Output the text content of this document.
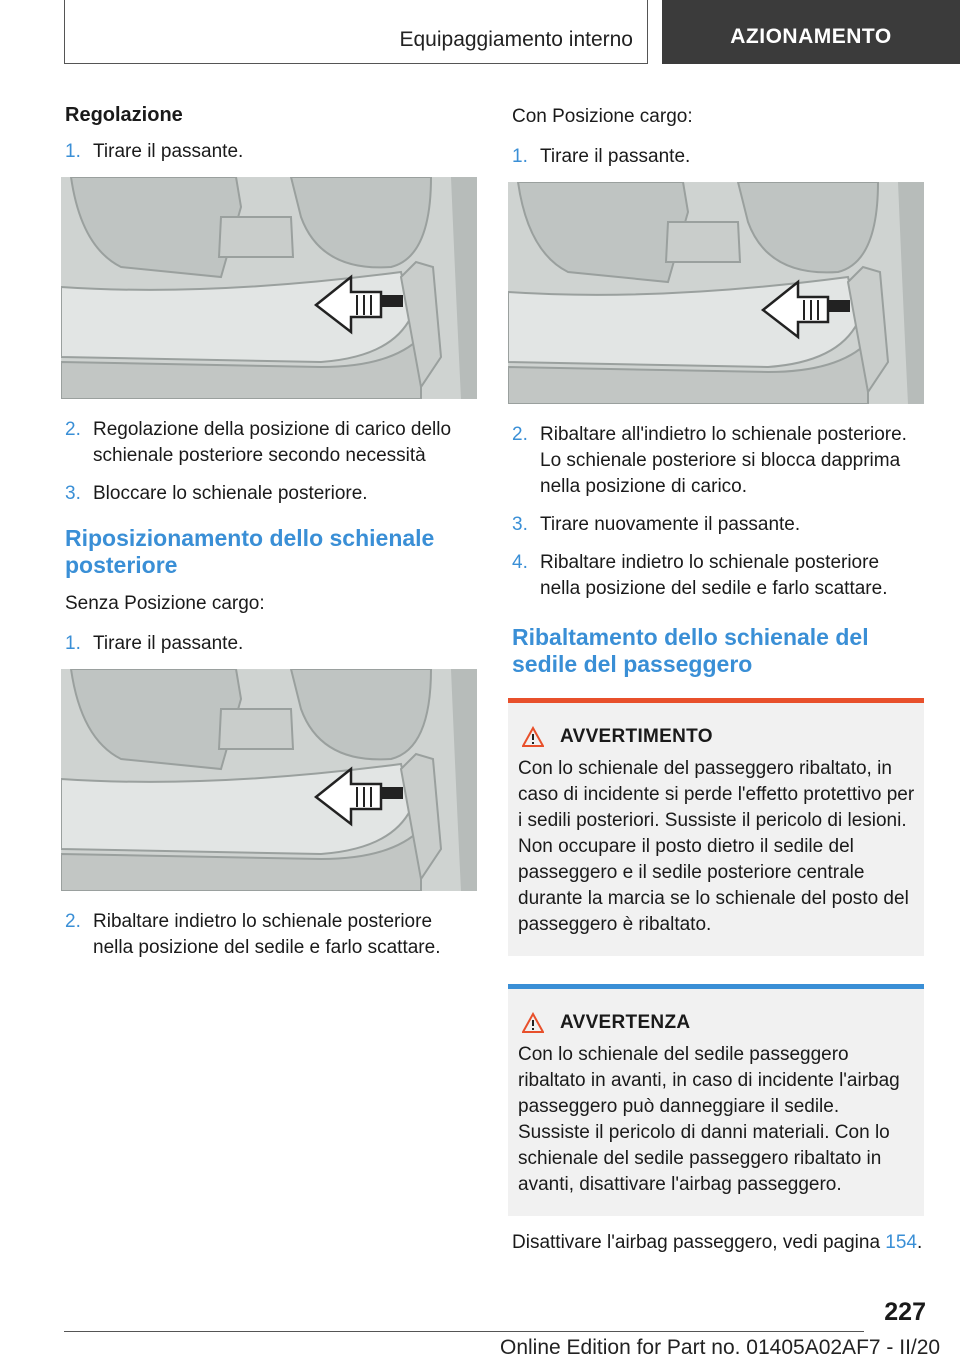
Equipaggiamento interno	AZIONAMENTO
Regolazione
1. Tirare il passante.
2. Regolazione della posizione di carico dello schienale posteriore secondo necessità
3. Bloccare lo schienale posteriore.
Riposizionamento dello schienale posteriore
Senza Posizione cargo:
1. Tirare il passante.
2. Ribaltare indietro lo schienale posteriore nella posizione del sedile e farlo scattare.
Con Posizione cargo:
1. Tirare il passante.
2. Ribaltare all'indietro lo schienale posteriore. Lo schienale posteriore si blocca dapprima nella posizione di carico.
3. Tirare nuovamente il passante.
4. Ribaltare indietro lo schienale posteriore nella posizione del sedile e farlo scattare.
Ribaltamento dello schienale del sedile del passeggero
AVVERTIMENTO
Con lo schienale del passeggero ribaltato, in caso di incidente si perde l'effetto protettivo per i sedili posteriori. Sussiste il pericolo di lesioni. Non occupare il posto dietro il sedile del passeggero e il sedile posteriore centrale durante la marcia se lo schienale del posto del passeggero è ribaltato.
AVVERTENZA
Con lo schienale del sedile passeggero ribaltato in avanti, in caso di incidente l'airbag passeggero può danneggiare il sedile. Sussiste il pericolo di danni materiali. Con lo schienale del sedile passeggero ribaltato in avanti, disattivare l'airbag passeggero.
Disattivare l'airbag passeggero, vedi pagina 154.
227
Online Edition for Part no. 01405A02AF7 - II/20
